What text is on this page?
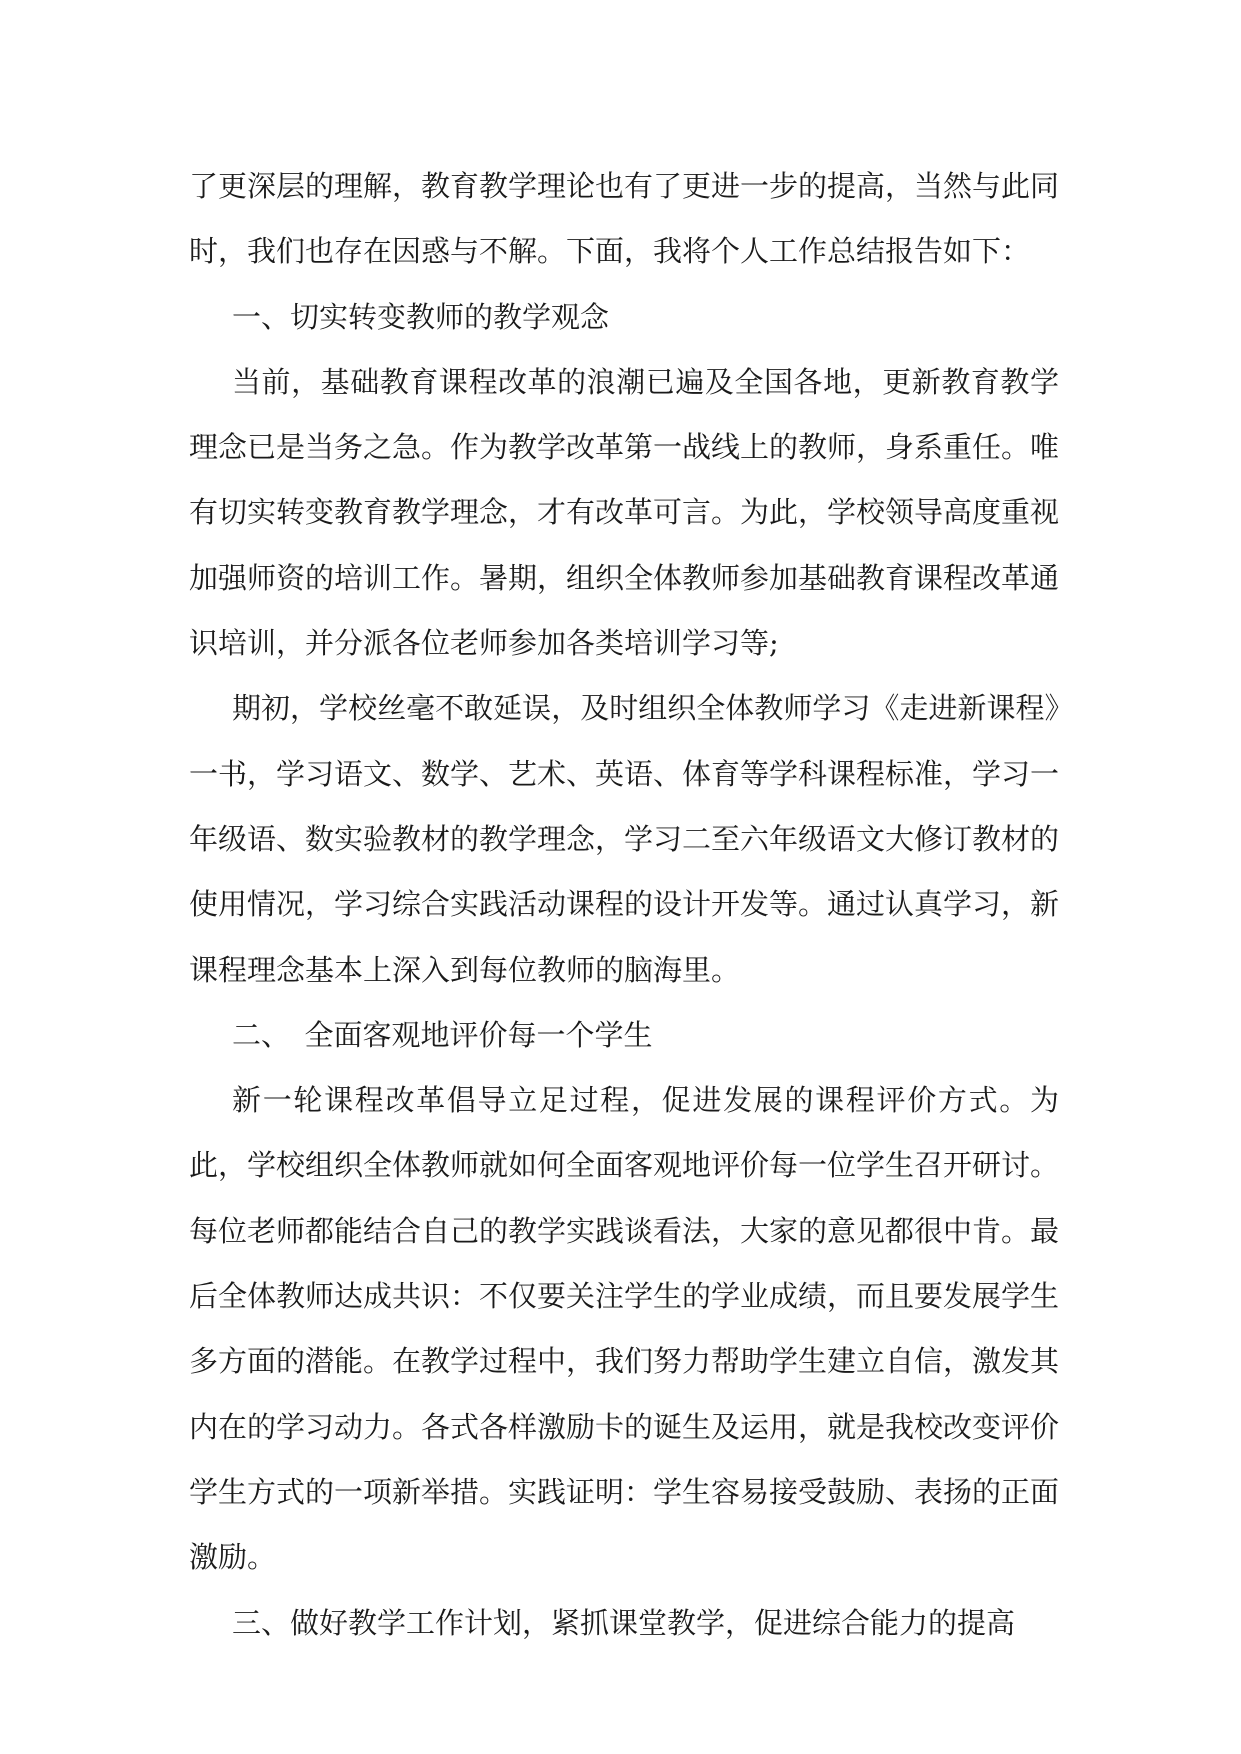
了更深层的理解，教育教学理论也有了更进一步的提高，当然与此同时，我们也存在因惑与不解。下面，我将个人工作总结报告如下：

一、切实转变教师的教学观念

当前，基础教育课程改革的浪潮已遍及全国各地，更新教育教学理念已是当务之急。作为教学改革第一战线上的教师，身系重任。唯有切实转变教育教学理念，才有改革可言。为此，学校领导高度重视加强师资的培训工作。暑期，组织全体教师参加基础教育课程改革通识培训，并分派各位老师参加各类培训学习等;

期初，学校丝毫不敢延误，及时组织全体教师学习《走进新课程》一书，学习语文、数学、艺术、英语、体育等学科课程标准，学习一年级语、数实验教材的教学理念，学习二至六年级语文大修订教材的使用情况，学习综合实践活动课程的设计开发等。通过认真学习，新课程理念基本上深入到每位教师的脑海里。

二、　全面客观地评价每一个学生

新一轮课程改革倡导立足过程，促进发展的课程评价方式。为此，学校组织全体教师就如何全面客观地评价每一位学生召开研讨。每位老师都能结合自己的教学实践谈看法，大家的意见都很中肯。最后全体教师达成共识：不仅要关注学生的学业成绩，而且要发展学生多方面的潜能。在教学过程中，我们努力帮助学生建立自信，激发其内在的学习动力。各式各样激励卡的诞生及运用，就是我校改变评价学生方式的一项新举措。实践证明：学生容易接受鼓励、表扬的正面激励。

三、做好教学工作计划，紧抓课堂教学，促进综合能力的提高
